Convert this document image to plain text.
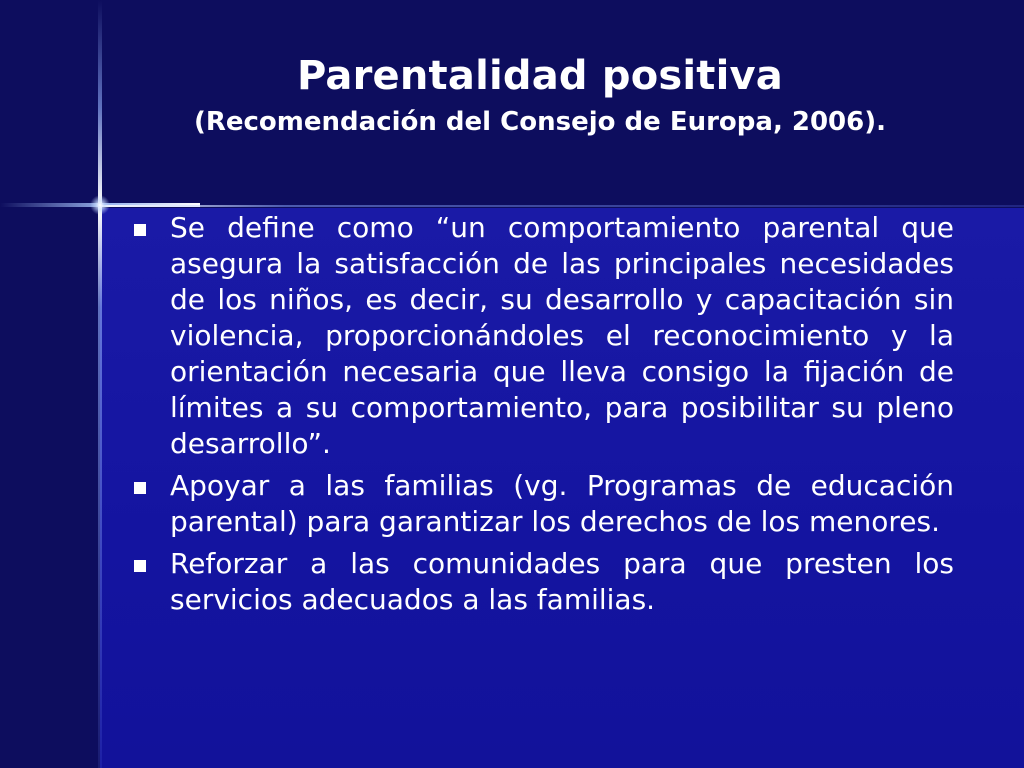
Parentalidad positiva

(Recomendación del Consejo de Europa, 2006).

Se define como “un comportamiento parental que asegura la satisfacción de las principales necesidades de los niños, es decir, su desarrollo y capacitación sin violencia, proporcionándoles el reconocimiento y la orientación necesaria que lleva consigo la fijación de límites a su comportamiento, para posibilitar su pleno desarrollo”.
Apoyar a las familias (vg. Programas de educación parental) para garantizar los derechos de los menores.
Reforzar a las comunidades para que presten los servicios adecuados a las familias.
